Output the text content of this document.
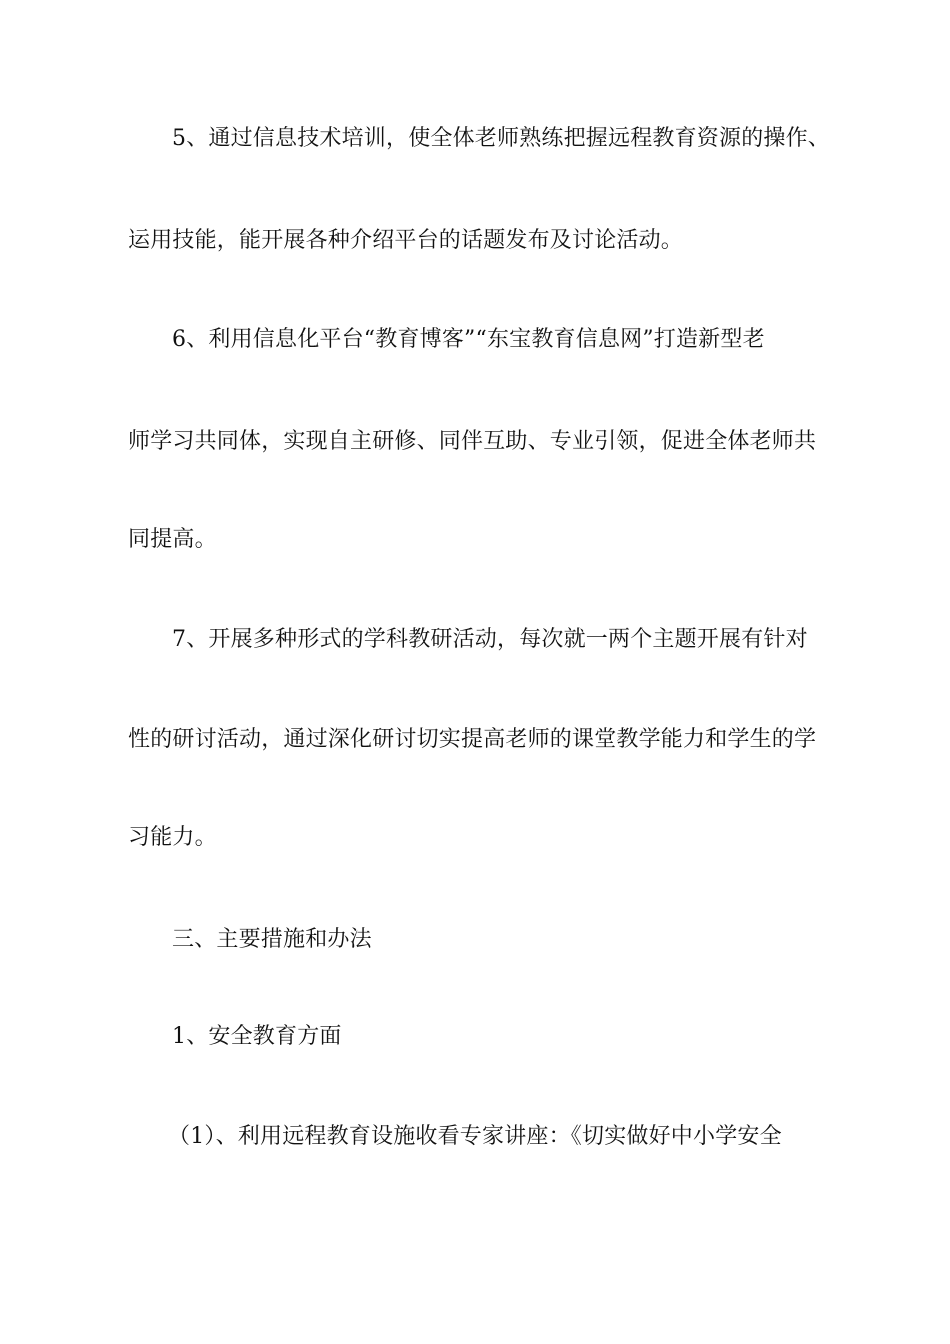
5、通过信息技术培训，使全体老师熟练把握远程教育资源的操作、
运用技能，能开展各种介绍平台的话题发布及讨论活动。
6、利用信息化平台“教育博客”“东宝教育信息网”打造新型老
师学习共同体，实现自主研修、同伴互助、专业引领，促进全体老师共
同提高。
7、开展多种形式的学科教研活动，每次就一两个主题开展有针对
性的研讨活动，通过深化研讨切实提高老师的课堂教学能力和学生的学
习能力。
三、主要措施和办法
1、安全教育方面
（1）、利用远程教育设施收看专家讲座：《切实做好中小学安全
